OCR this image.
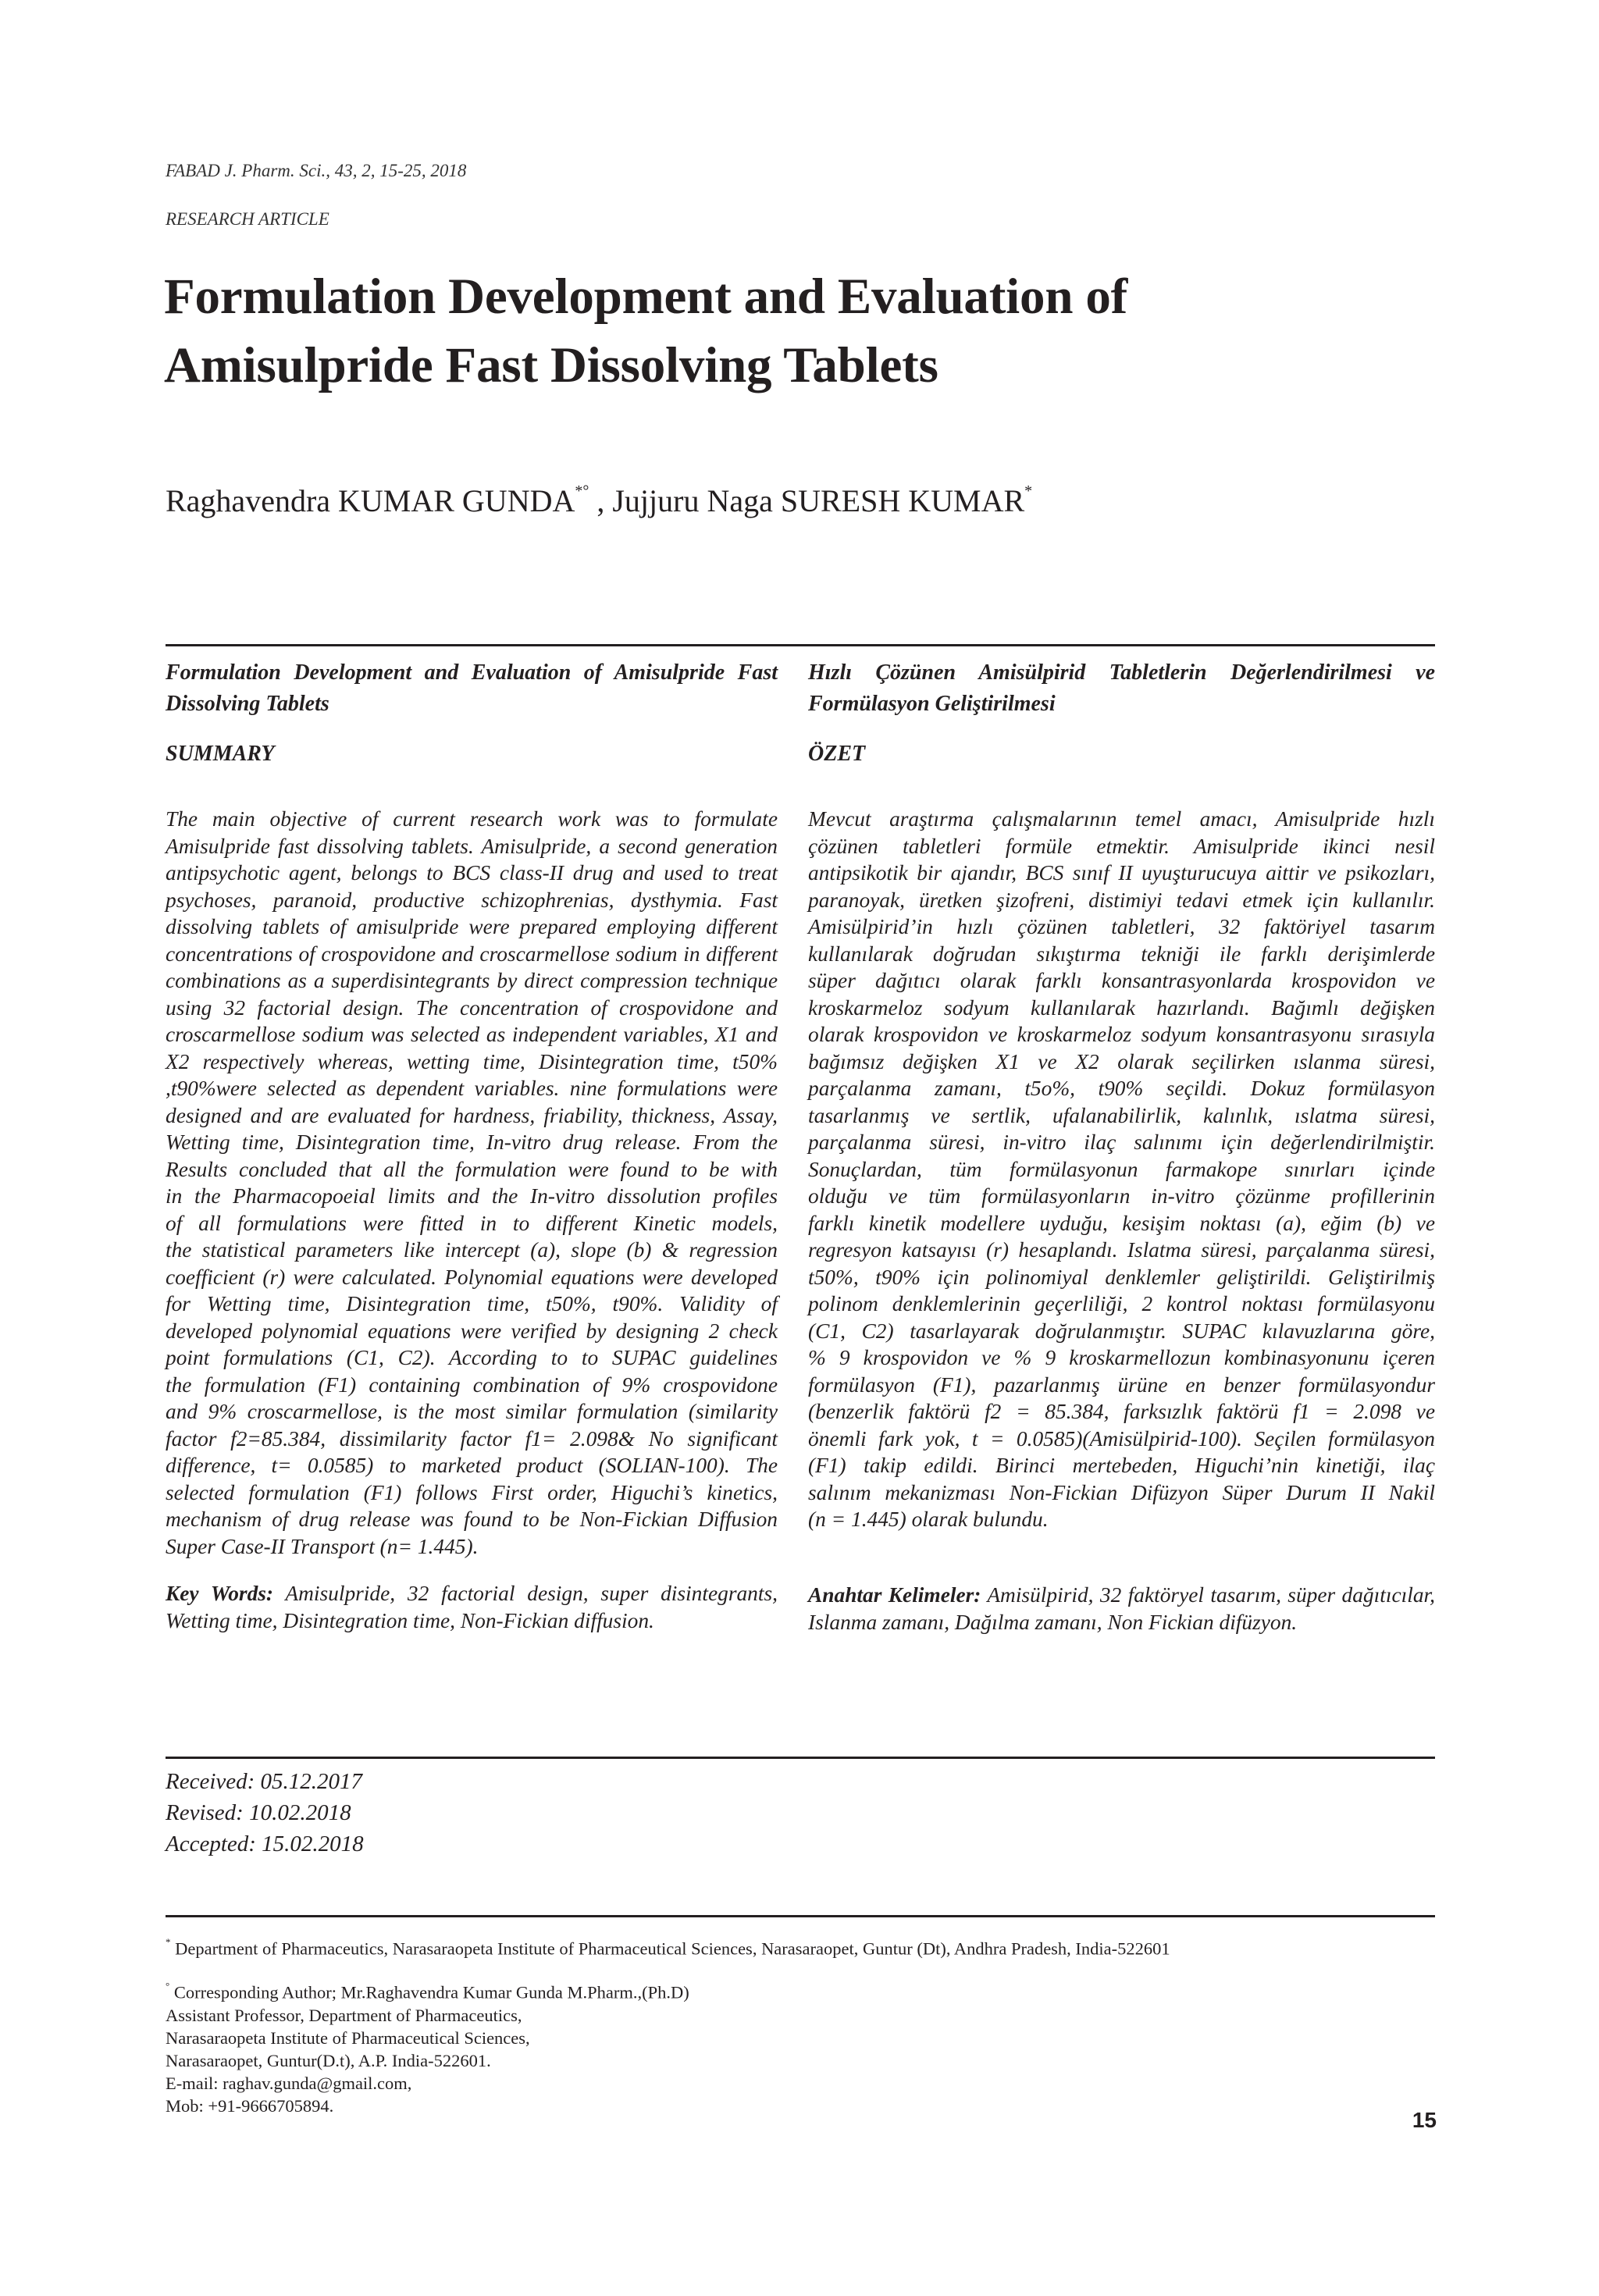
FABAD J. Pharm. Sci., 43, 2, 15-25, 2018
RESEARCH ARTICLE
Formulation Development and Evaluation of
Amisulpride Fast Dissolving Tablets
Raghavendra KUMAR GUNDA*° , Jujjuru Naga SURESH KUMAR*
Formulation Development and Evaluation of Amisulpride Fast Dissolving Tablets
SUMMARY
The main objective of current research work was to formulate
Amisulpride fast dissolving tablets. Amisulpride, a second generation
antipsychotic agent, belongs to BCS class-II drug and used to treat
psychoses, paranoid, productive schizophrenias, dysthymia. Fast
dissolving tablets of amisulpride were prepared employing different
concentrations of crospovidone and croscarmellose sodium in different
combinations as a superdisintegrants by direct compression technique
using 32 factorial design. The concentration of crospovidone and
croscarmellose sodium was selected as independent variables, X1 and
X2 respectively whereas, wetting time, Disintegration time, t50%
,t90%were selected as dependent variables. nine formulations were
designed and are evaluated for hardness, friability, thickness, Assay,
Wetting time, Disintegration time, In-vitro drug release. From the
Results concluded that all the formulation were found to be with
in the Pharmacopoeial limits and the In-vitro dissolution profiles
of all formulations were fitted in to different Kinetic models,
the statistical parameters like intercept (a), slope (b) & regression
coefficient (r) were calculated. Polynomial equations were developed
for Wetting time, Disintegration time, t50%, t90%. Validity of
developed polynomial equations were verified by designing 2 check
point formulations (C1, C2). According to to SUPAC guidelines
the formulation (F1) containing combination of 9% crospovidone
and 9% croscarmellose, is the most similar formulation (similarity
factor f2=85.384, dissimilarity factor f1= 2.098& No significant
difference, t= 0.0585) to marketed product (SOLIAN-100). The
selected formulation (F1) follows First order, Higuchi’s kinetics,
mechanism of drug release was found to be Non-Fickian Diffusion
Super Case-II Transport (n= 1.445).
Key Words: Amisulpride, 32 factorial design, super disintegrants, Wetting time, Disintegration time, Non-Fickian diffusion.
Hızlı Çözünen Amisülpirid Tabletlerin Değerlendirilmesi ve Formülasyon Geliştirilmesi
ÖZET
Mevcut araştırma çalışmalarının temel amacı, Amisulpride hızlı
çözünen tabletleri formüle etmektir. Amisulpride ikinci nesil
antipsikotik bir ajandır, BCS sınıf II uyuşturucuya aittir ve psikozları,
paranoyak, üretken şizofreni, distimiyi tedavi etmek için kullanılır.
Amisülpirid’in hızlı çözünen tabletleri, 32 faktöriyel tasarım
kullanılarak doğrudan sıkıştırma tekniği ile farklı derişimlerde
süper dağıtıcı olarak farklı konsantrasyonlarda krospovidon ve
kroskarmeloz sodyum kullanılarak hazırlandı. Bağımlı değişken
olarak krospovidon ve kroskarmeloz sodyum konsantrasyonu sırasıyla
bağımsız değişken X1 ve X2 olarak seçilirken ıslanma süresi,
parçalanma zamanı, t5o%, t90% seçildi. Dokuz formülasyon
tasarlanmış ve sertlik, ufalanabilirlik, kalınlık, ıslatma süresi,
parçalanma süresi, in-vitro ilaç salınımı için değerlendirilmiştir.
Sonuçlardan, tüm formülasyonun farmakope sınırları içinde
olduğu ve tüm formülasyonların in-vitro çözünme profillerinin
farklı kinetik modellere uyduğu, kesişim noktası (a), eğim (b) ve
regresyon katsayısı (r) hesaplandı. Islatma süresi, parçalanma süresi,
t50%, t90% için polinomiyal denklemler geliştirildi. Geliştirilmiş
polinom denklemlerinin geçerliliği, 2 kontrol noktası formülasyonu
(C1, C2) tasarlayarak doğrulanmıştır. SUPAC kılavuzlarına göre,
% 9 krospovidon ve % 9 kroskarmellozun kombinasyonunu içeren
formülasyon (F1), pazarlanmış ürüne en benzer formülasyondur
(benzerlik faktörü f2 = 85.384, farksızlık faktörü f1 = 2.098 ve
önemli fark yok, t = 0.0585)(Amisülpirid-100). Seçilen formülasyon
(F1) takip edildi. Birinci mertebeden, Higuchi’nin kinetiği, ilaç
salınım mekanizması Non-Fickian Difüzyon Süper Durum II Nakil
(n = 1.445) olarak bulundu.
Anahtar Kelimeler: Amisülpirid, 32 faktöryel tasarım, süper dağıtıcılar, Islanma zamanı, Dağılma zamanı, Non Fickian difüzyon.
Received: 05.12.2017
Revised: 10.02.2018
Accepted: 15.02.2018
* Department of Pharmaceutics, Narasaraopeta Institute of Pharmaceutical Sciences, Narasaraopet, Guntur (Dt), Andhra Pradesh, India-522601
° Corresponding Author; Mr.Raghavendra Kumar Gunda M.Pharm.,(Ph.D)
Assistant Professor, Department of Pharmaceutics,
Narasaraopeta Institute of Pharmaceutical Sciences,
Narasaraopet, Guntur(D.t), A.P. India-522601.
E-mail: raghav.gunda@gmail.com,
Mob: +91-9666705894.
15
